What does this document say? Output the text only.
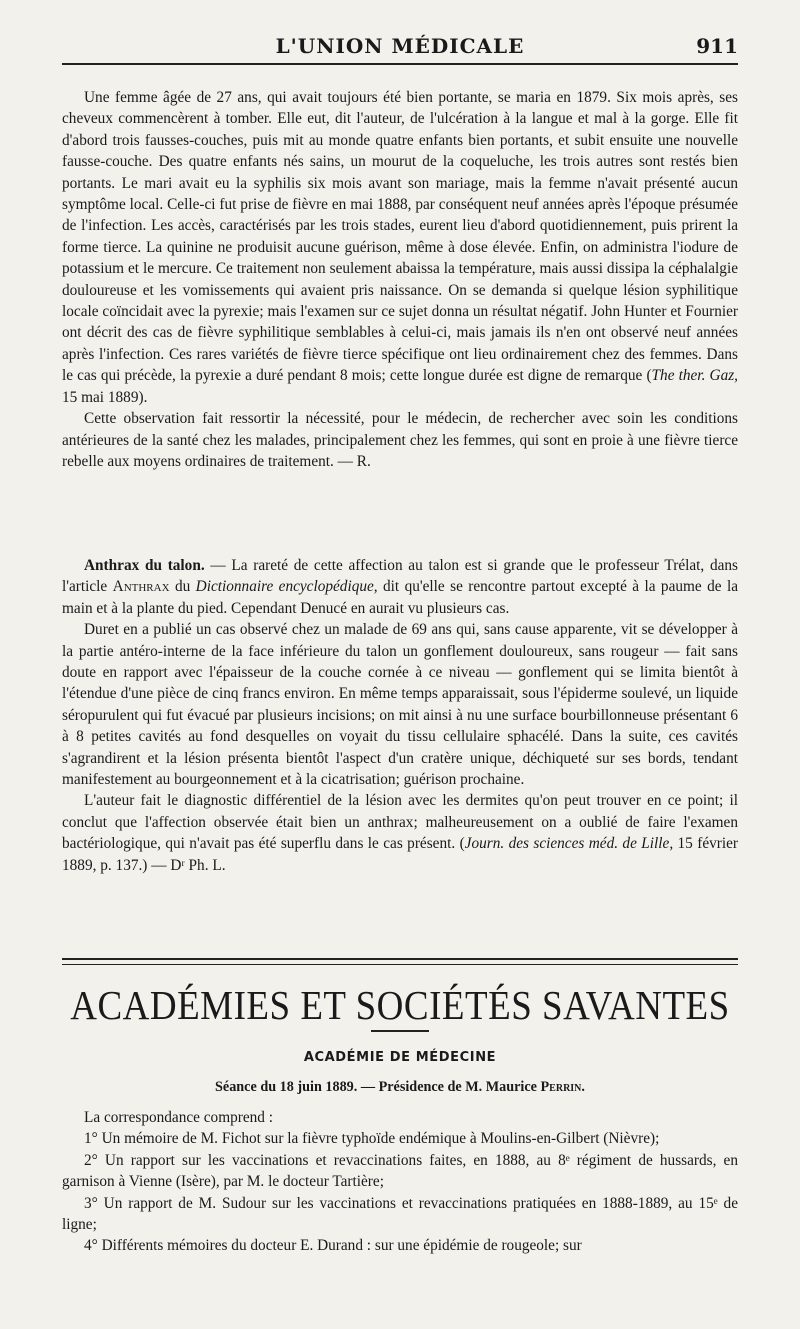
L'UNION MÉDICALE	911

Une femme âgée de 27 ans, qui avait toujours été bien portante, se maria en 1879. Six mois après, ses cheveux commencèrent à tomber. Elle eut, dit l'auteur, de l'ulcération à la langue et mal à la gorge. Elle fit d'abord trois fausses-couches, puis mit au monde quatre enfants bien portants, et subit ensuite une nouvelle fausse-couche. Des quatre enfants nés sains, un mourut de la coqueluche, les trois autres sont restés bien portants. Le mari avait eu la syphilis six mois avant son mariage, mais la femme n'avait présenté aucun symptôme local. Celle-ci fut prise de fièvre en mai 1888, par conséquent neuf années après l'époque présumée de l'infection. Les accès, caractérisés par les trois stades, eurent lieu d'abord quotidiennement, puis prirent la forme tierce. La quinine ne produisit aucune guérison, même à dose élevée. Enfin, on administra l'iodure de potassium et le mercure. Ce traitement non seulement abaissa la température, mais aussi dissipa la céphalalgie douloureuse et les vomissements qui avaient pris naissance. On se demanda si quelque lésion syphilitique locale coïncidait avec la pyrexie; mais l'examen sur ce sujet donna un résultat négatif. John Hunter et Fournier ont décrit des cas de fièvre syphilitique semblables à celui-ci, mais jamais ils n'en ont observé neuf années après l'infection. Ces rares variétés de fièvre tierce spécifique ont lieu ordinairement chez des femmes. Dans le cas qui précède, la pyrexie a duré pendant 8 mois; cette longue durée est digne de remarque (The ther. Gaz, 15 mai 1889).

Cette observation fait ressortir la nécessité, pour le médecin, de rechercher avec soin les conditions antérieures de la santé chez les malades, principalement chez les femmes, qui sont en proie à une fièvre tierce rebelle aux moyens ordinaires de traitement. — R.

Anthrax du talon. — La rareté de cette affection au talon est si grande que le professeur Trélat, dans l'article Anthrax du Dictionnaire encyclopédique, dit qu'elle se rencontre partout excepté à la paume de la main et à la plante du pied. Cependant Denucé en aurait vu plusieurs cas.

Duret en a publié un cas observé chez un malade de 69 ans qui, sans cause apparente, vit se développer à la partie antéro-interne de la face inférieure du talon un gonflement douloureux, sans rougeur — fait sans doute en rapport avec l'épaisseur de la couche cornée à ce niveau — gonflement qui se limita bientôt à l'étendue d'une pièce de cinq francs environ. En même temps apparaissait, sous l'épiderme soulevé, un liquide séropurulent qui fut évacué par plusieurs incisions; on mit ainsi à nu une surface bourbillonneuse présentant 6 à 8 petites cavités au fond desquelles on voyait du tissu cellulaire sphacélé. Dans la suite, ces cavités s'agrandirent et la lésion présenta bientôt l'aspect d'un cratère unique, déchiqueté sur ses bords, tendant manifestement au bourgeonnement et à la cicatrisation; guérison prochaine.

L'auteur fait le diagnostic différentiel de la lésion avec les dermites qu'on peut trouver en ce point; il conclut que l'affection observée était bien un anthrax; malheureusement on a oublié de faire l'examen bactériologique, qui n'avait pas été superflu dans le cas présent. (Journ. des sciences méd. de Lille, 15 février 1889, p. 137.) — Dʳ Ph. L.

ACADÉMIES ET SOCIÉTÉS SAVANTES
ACADÉMIE DE MÉDECINE
Séance du 18 juin 1889. — Présidence de M. Maurice Perrin.

La correspondance comprend :

1° Un mémoire de M. Fichot sur la fièvre typhoïde endémique à Moulins-en-Gilbert (Nièvre);

2° Un rapport sur les vaccinations et revaccinations faites, en 1888, au 8ᵉ régiment de hussards, en garnison à Vienne (Isère), par M. le docteur Tartière;

3° Un rapport de M. Sudour sur les vaccinations et revaccinations pratiquées en 1888-1889, au 15ᵉ de ligne;

4° Différents mémoires du docteur E. Durand : sur une épidémie de rougeole; sur
